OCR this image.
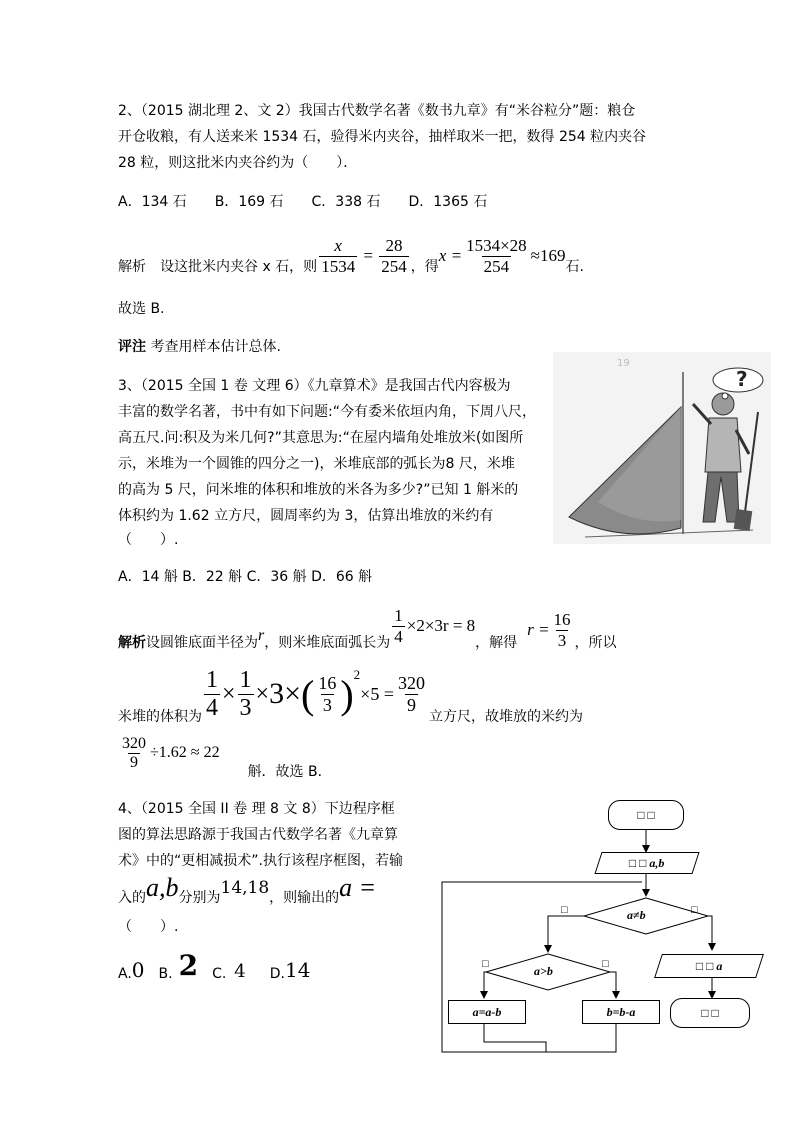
2、（2015 湖北理 2、文 2）我国古代数学名著《数书九章》有“米谷粒分”题：粮仓
开仓收粮，有人送来米 1534 石，验得米内夹谷，抽样取米一把，数得 254 粒内夹谷
28 粒，则这批米内夹谷约为（　　）．
A．134 石　　B．169 石　　C．338 石　　D．1365 石
解析　设这批米内夹谷 x 石，则 $\frac{x}{1534} = \frac{28}{254}$ ，得
$x = \frac{1534\times 28}{254} \approx 169$
石.
故选 B.
评注 考查用样本估计总体.
3、（2015 全国 1 卷 文理 6）《九章算术》是我国古代内容极为
丰富的数学名著，书中有如下问题:“今有委米依垣内角，下周八尺，
高五尺.问:积及为米几何?”其意思为:“在屋内墙角处堆放米(如图所
示，米堆为一个圆锥的四分之一)，米堆底部的弧长为8 尺，米堆
的高为 5 尺，问米堆的体积和堆放的米各为多少?”已知 1 斛米的
体积约为 1.62 立方尺，圆周率约为 3，估算出堆放的米约有
（　　）.
?
19
A．14 斛 B．22 斛 C．36 斛 D．66 斛
解析 设圆锥底面半径为 r ，则米堆底面弧长为 $\frac{1}{4} \times 2\times 3r = 8$
，解得
$r = \frac{16}{3}$ ，所以
米堆的体积为 $\frac{1}{4} \times \frac{1}{3} \times 3\times$ ( $\frac{16}{3} )^2$
$\times 5 = \frac{320}{9}$
立方尺，故堆放的米约为
$\frac{320}{9} \div 1.62 \approx 22$
斛．故选 B．
4、（2015 全国 II 卷 理 8 文 8）下边程序框
图的算法思路源于我国古代数学名著《九章算
术》中的“更相减损术”.执行该程序框图，若输
入的 a,b 分别为 14,18 ，则输出的 a =
（　　）.
A. 0 B. 2 C. 4 D. 14
□ □
□ □ a,b
a≠b
□	□
a>b
□	□
a=a-b	b=b-a
□ □ a
□ □
